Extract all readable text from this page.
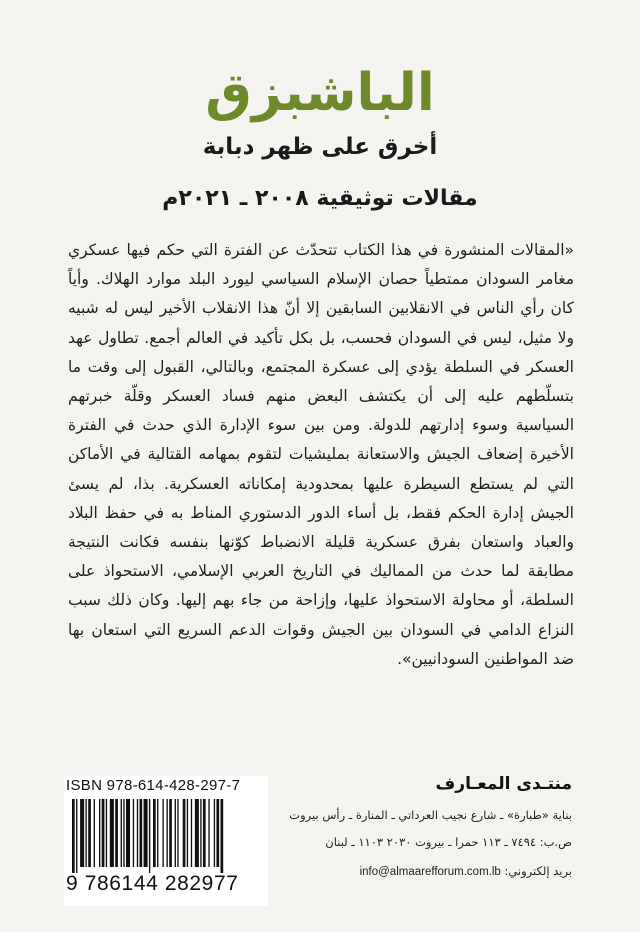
الباشبزق
أخرق على ظهر دبابة
مقالات توثيقية ٢٠٠٨ ـ ٢٠٢١م

«المقالات المنشورة في هذا الكتاب تتحدّث عن الفترة التي حكم فيها عسكري مغامر السودان ممتطياً حصان الإسلام السياسي ليورد البلد موارد الهلاك. وأياً كان رأي الناس في الانقلابين السابقين إلا أنّ هذا الانقلاب الأخير ليس له شبيه ولا مثيل، ليس في السودان فحسب، بل بكل تأكيد في العالم أجمع. تطاول عهد العسكر في السلطة يؤدي إلى عسكرة المجتمع، وبالتالي، القبول إلى وقت ما بتسلّطهم عليه إلى أن يكتشف البعض منهم فساد العسكر وقلّة خبرتهم السياسية وسوء إدارتهم للدولة. ومن بين سوء الإدارة الذي حدث في الفترة الأخيرة إضعاف الجيش والاستعانة بمليشيات لتقوم بمهامه القتالية في الأماكن التي لم يستطع السيطرة عليها بمحدودية إمكاناته العسكرية. بذا، لم يسئ الجيش إدارة الحكم فقط، بل أساء الدور الدستوري المناط به في حفظ البلاد والعباد واستعان بفرق عسكرية قليلة الانضباط كوّنها بنفسه فكانت النتيجة مطابقة لما حدث من المماليك في التاريخ العربي الإسلامي، الاستحواذ على السلطة، أو محاولة الاستحواذ عليها، وإزاحة من جاء بهم إليها. وكان ذلك سبب النزاع الدامي في السودان بين الجيش وقوات الدعم السريع التي استعان بها ضد المواطنين السودانيين».

ISBN 978-614-428-297-7
9 786144 282977
منتـدى المعـارف
بناية «طبارة» ـ شارع نجيب العرداتي ـ المنارة ـ رأس بيروت
ص.ب: ٧٤٩٤ ـ ١١٣ حمرا ـ بيروت ٢٠٣٠ ١١٠٣ ـ لبنان
بريد إلكتروني: info@almaarefforum.com.lb
